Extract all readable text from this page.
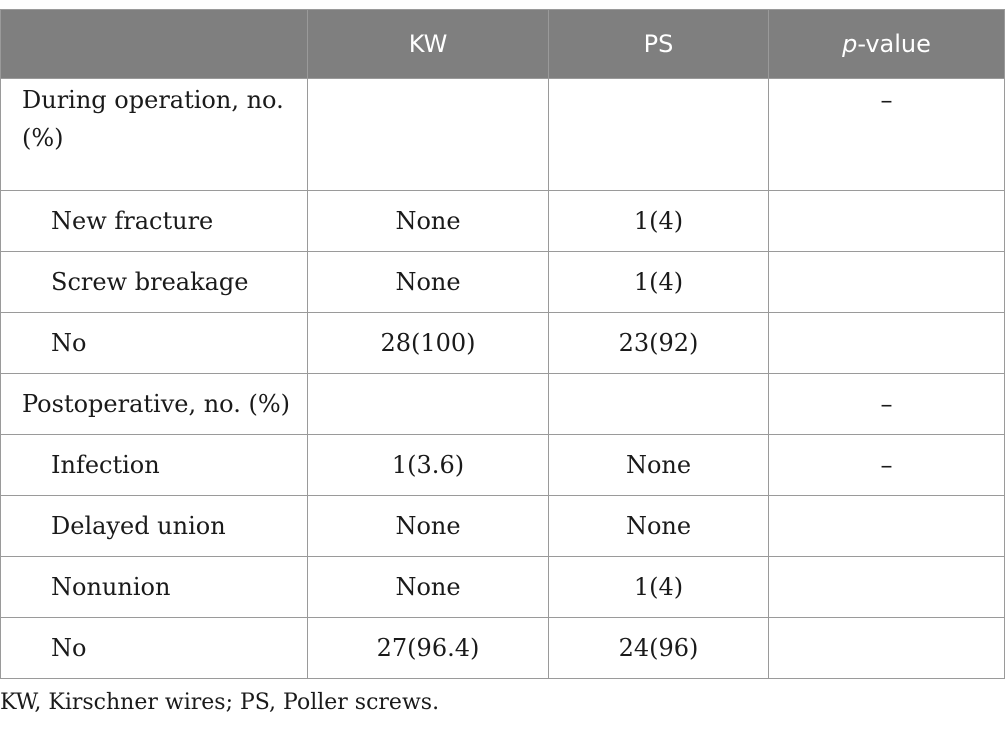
	KW	PS	p-value
During operation, no. (%)			–
New fracture	None	1(4)	
Screw breakage	None	1(4)	
No	28(100)	23(92)	
Postoperative, no. (%)			–
Infection	1(3.6)	None	–
Delayed union	None	None	
Nonunion	None	1(4)	
No	27(96.4)	24(96)	
KW, Kirschner wires; PS, Poller screws.
